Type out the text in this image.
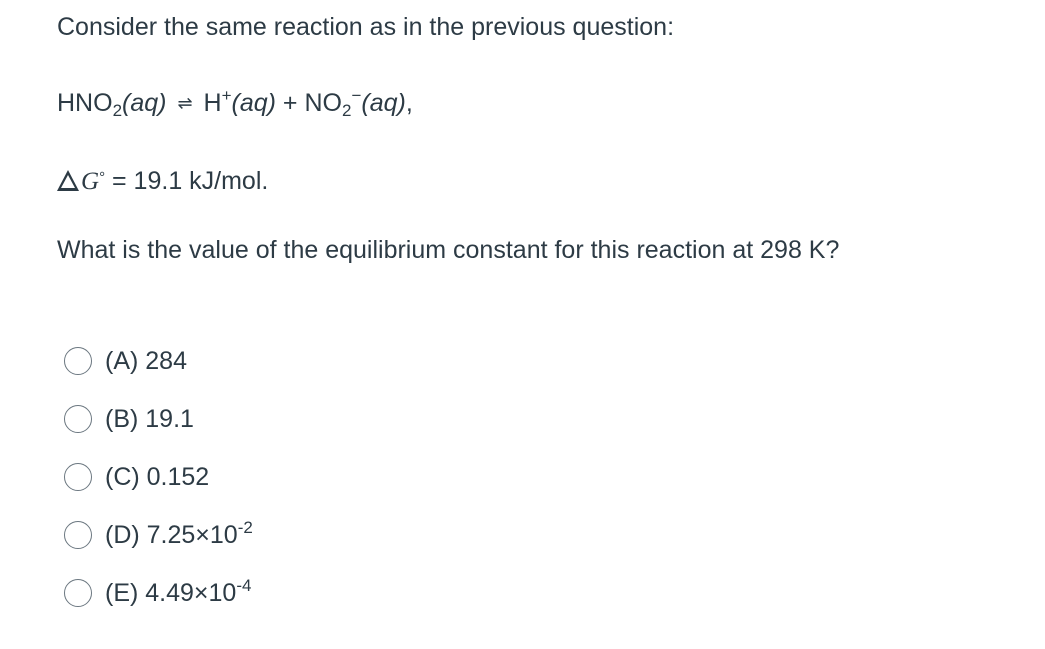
Consider the same reaction as in the previous question:
$HNO_2(aq)$ ⇌ $H^+(aq) + NO_2^-(aq)$,
G° = 19.1 kJ/mol.
What is the value of the equilibrium constant for this reaction at 298 K?
(A) 284
(B) 19.1
(C) 0.152
(D) $7.25\times 10^{-2}$
(E) $4.49\times 10^{-4}$
